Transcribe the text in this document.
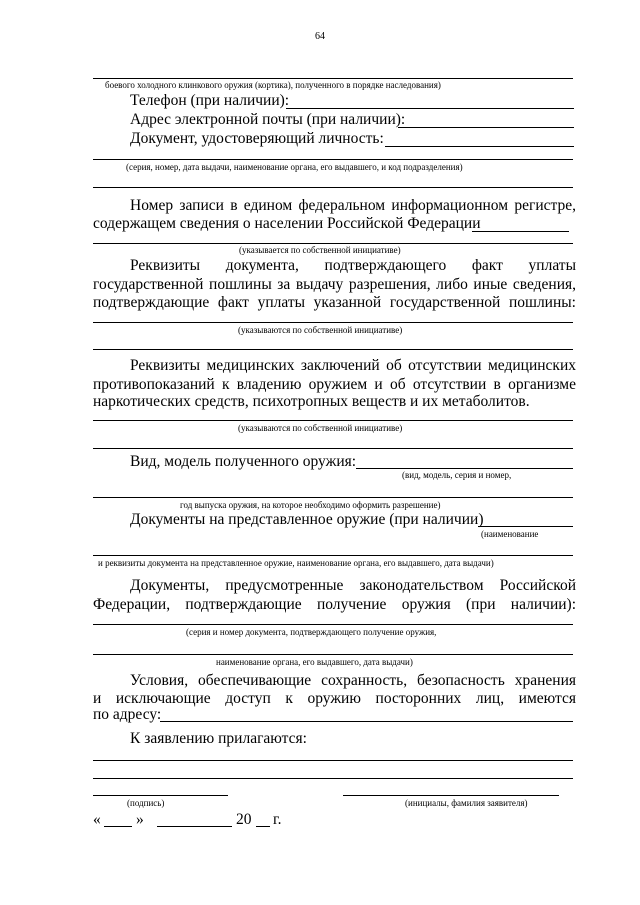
64
боевого холодного клинкового оружия (кортика), полученного в порядке наследования)
Телефон (при наличии):
Адрес электронной почты (при наличии):
Документ, удостоверяющий личность:
(серия, номер, дата выдачи, наименование органа, его выдавшего, и код подразделения)
Номер записи в едином федеральном информационном регистре,
содержащем сведения о населении Российской Федерации
(указывается по собственной инициативе)
Реквизиты документа, подтверждающего факт уплаты
государственной пошлины за выдачу разрешения, либо иные сведения,
подтверждающие факт уплаты указанной государственной пошлины:
(указываются по собственной инициативе)
Реквизиты медицинских заключений об отсутствии медицинских
противопоказаний к владению оружием и об отсутствии в организме
наркотических средств, психотропных веществ и их метаболитов.
(указываются по собственной инициативе)
Вид, модель полученного оружия:
(вид, модель, серия и номер,
год выпуска оружия, на которое необходимо оформить разрешение)
Документы на представленное оружие (при наличии)
(наименование
и реквизиты документа на представленное оружие, наименование органа, его выдавшего, дата выдачи)
Документы, предусмотренные законодательством Российской
Федерации, подтверждающие получение оружия (при наличии):
(серия и номер документа, подтверждающего получение оружия,
наименование органа, его выдавшего, дата выдачи)
Условия, обеспечивающие сохранность, безопасность хранения
и исключающие доступ к оружию посторонних лиц, имеются
по адресу:
К заявлению прилагаются:
(подпись)	(инициалы, фамилия заявителя)
« »	20 г.
